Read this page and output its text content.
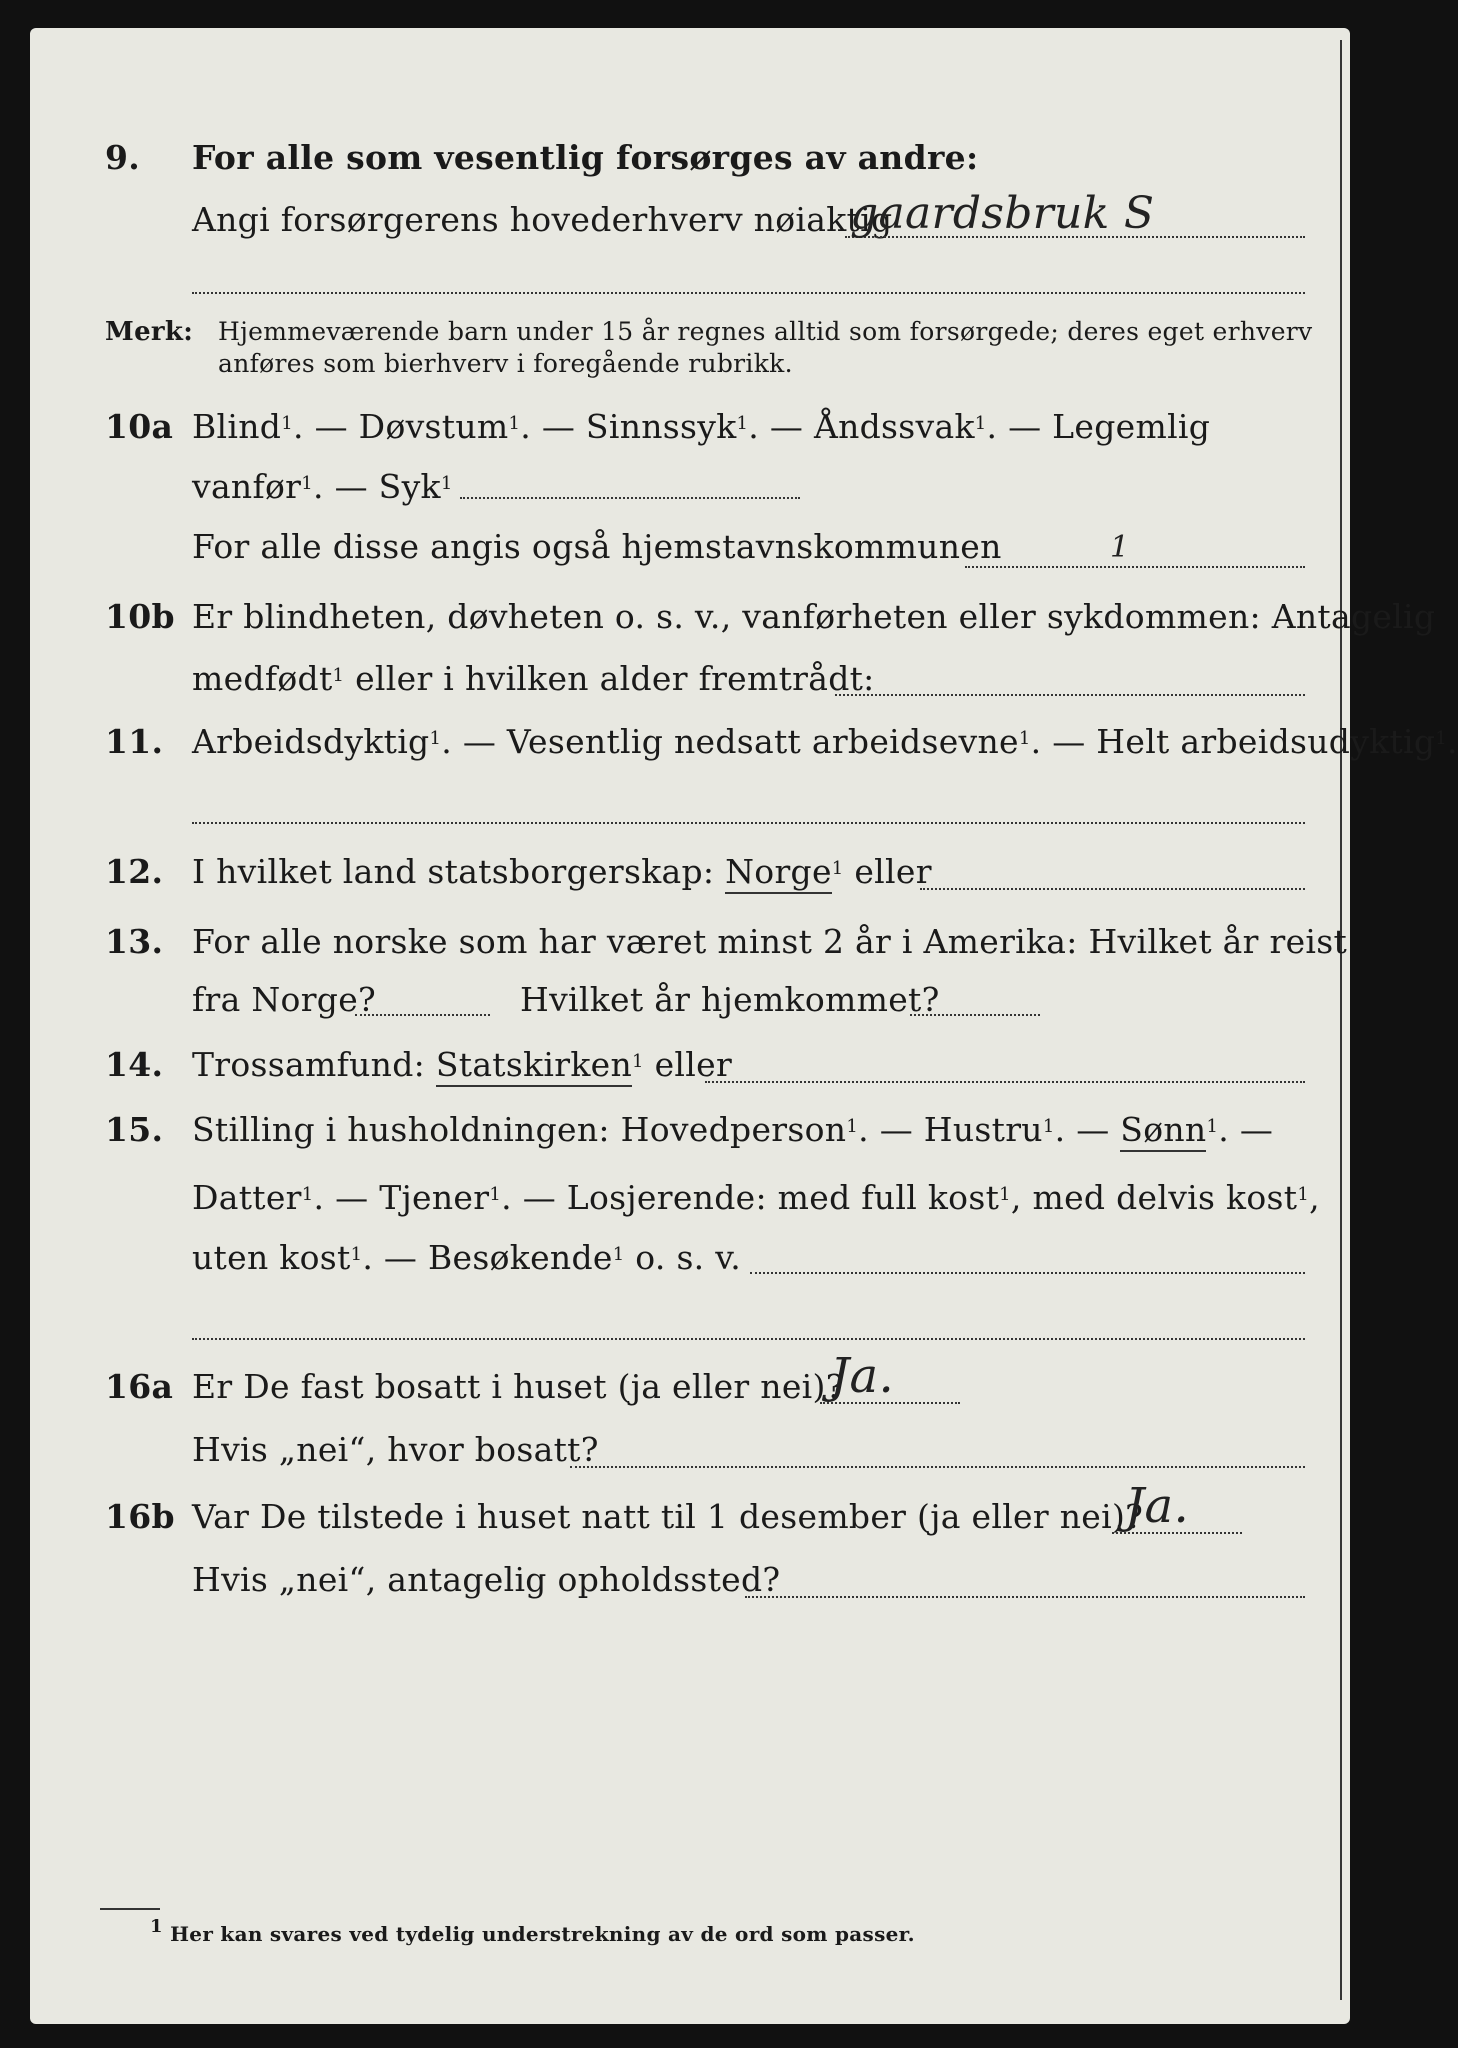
9.	For alle som vesentlig forsørges av andre:
Angi forsørgerens hovederhverv nøiaktig
gaardsbruk S
Merk: Hjemmeværende barn under 15 år regnes alltid som forsørgede; deres eget erhverv
anføres som bierhverv i foregående rubrikk.
10a Blind$^1$. — Døvstum$^1$. — Sinnssyk$^1$. — Åndssvak$^1$. — Legemlig
vanfør$^1$. — Syk$^1$
For alle disse angis også hjemstavnskommunen	1
10b Er blindheten, døvheten o. s. v., vanførheten eller sykdommen: Antagelig
medfødt$^1$ eller i hvilken alder fremtrådt:
11. Arbeidsdyktig$^1$. — Vesentlig nedsatt arbeidsevne$^1$. — Helt arbeidsudyktig$^1$.
12. I hvilket land statsborgerskap: Norge$^1$ eller
13. For alle norske som har været minst 2 år i Amerika: Hvilket år reist
fra Norge?	Hvilket år hjemkommet?
14. Trossamfund: Statskirken$^1$ eller
15. Stilling i husholdningen: Hovedperson$^1$. — Hustru$^1$. — Sønn$^1$. —
Datter$^1$. — Tjener$^1$. — Losjerende: med full kost$^1$, med delvis kost$^1$,
uten kost$^1$. — Besøkende$^1$ o. s. v.
16a Er De fast bosatt i huset (ja eller nei)?
Ja.
Hvis „nei“, hvor bosatt?
16b Var De tilstede i huset natt til 1 desember (ja eller nei)?
Ja.
Hvis „nei“, antagelig opholdssted?
$^1$ Her kan svares ved tydelig understrekning av de ord som passer.
